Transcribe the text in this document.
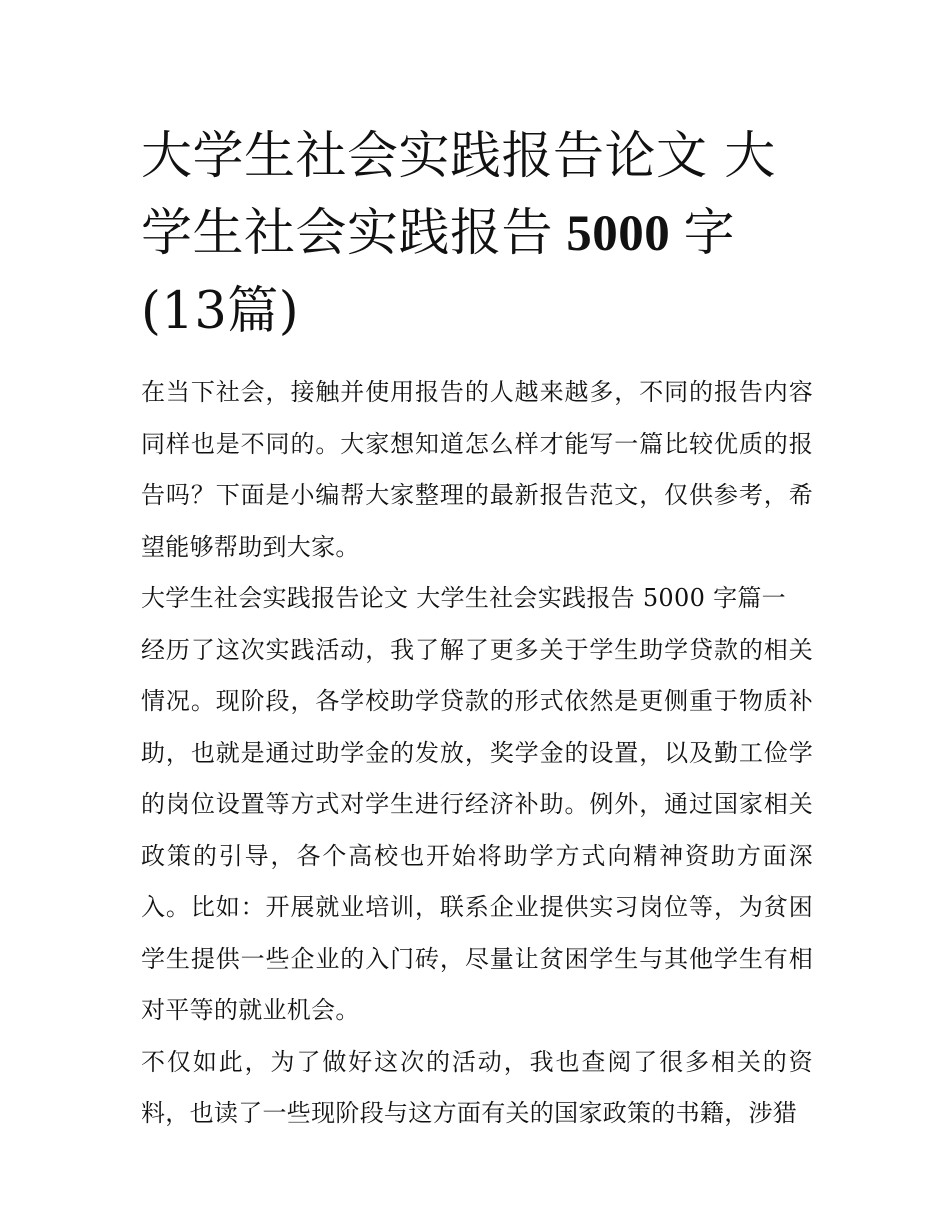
大学生社会实践报告论文 大学生社会实践报告 5000 字(13篇)

在当下社会，接触并使用报告的人越来越多，不同的报告内容同样也是不同的。大家想知道怎么样才能写一篇比较优质的报告吗？下面是小编帮大家整理的最新报告范文，仅供参考，希望能够帮助到大家。

大学生社会实践报告论文 大学生社会实践报告 5000 字篇一

经历了这次实践活动，我了解了更多关于学生助学贷款的相关情况。现阶段，各学校助学贷款的形式依然是更侧重于物质补助，也就是通过助学金的发放，奖学金的设置，以及勤工俭学的岗位设置等方式对学生进行经济补助。例外，通过国家相关政策的引导，各个高校也开始将助学方式向精神资助方面深入。比如：开展就业培训，联系企业提供实习岗位等，为贫困学生提供一些企业的入门砖，尽量让贫困学生与其他学生有相对平等的就业机会。

不仅如此，为了做好这次的活动，我也查阅了很多相关的资料，也读了一些现阶段与这方面有关的国家政策的书籍，涉猎
